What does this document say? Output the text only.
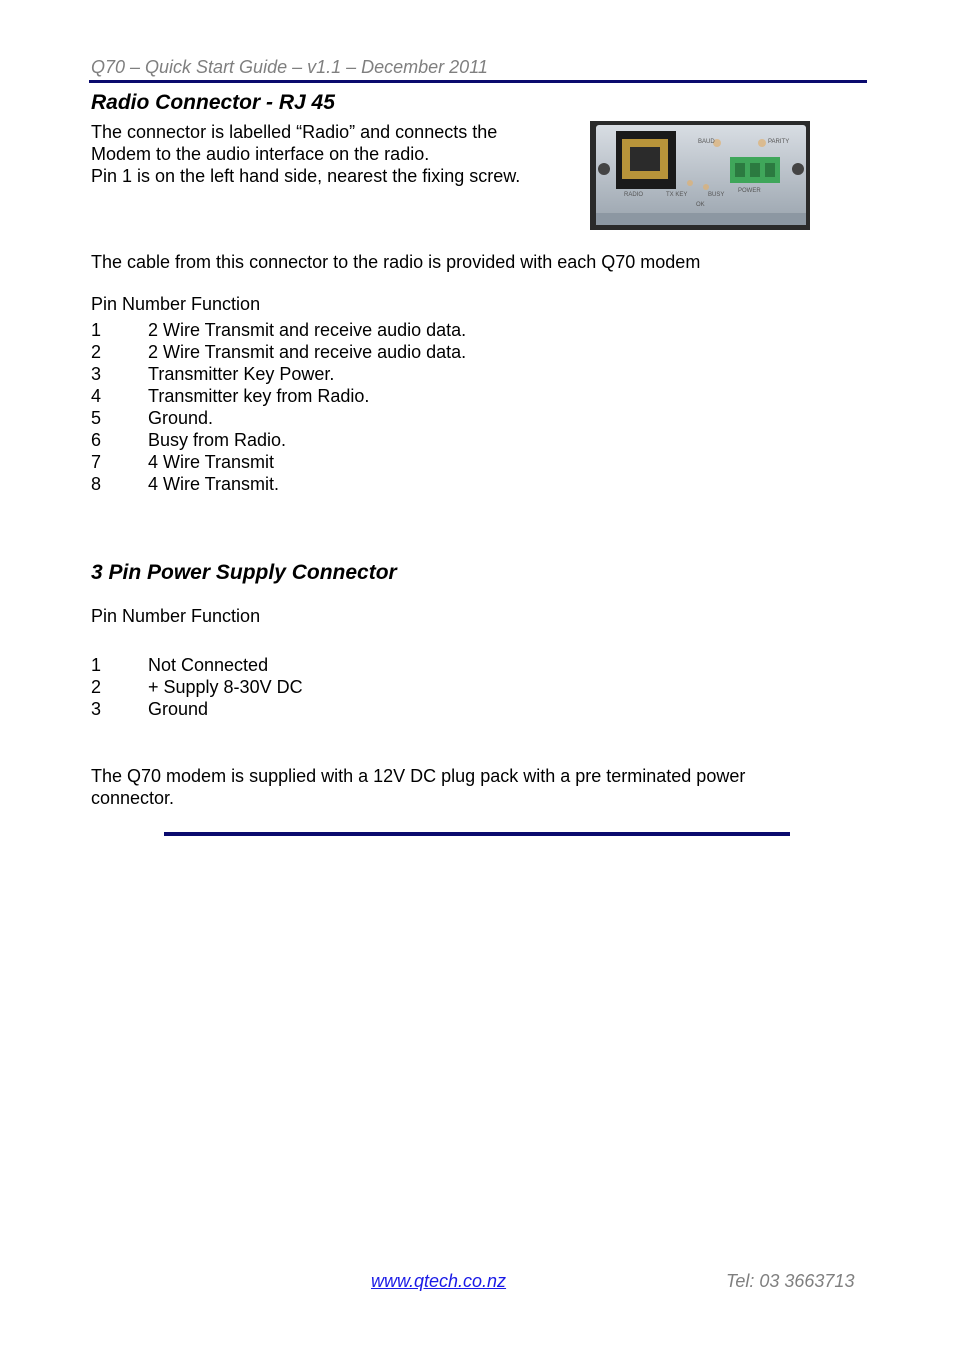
Q70 – Quick Start Guide – v1.1 – December 2011
Radio Connector - RJ 45
The connector is labelled “Radio” and connects the
Modem to the audio interface on the radio.
Pin 1 is on the left hand side, nearest the fixing screw.
BAUD	PARITY
RADIO	TX KEY	BUSY
POWER
OK
The cable from this connector to the radio is provided with each Q70 modem
Pin Number Function
1	2 Wire Transmit and receive audio data.
2	2 Wire Transmit and receive audio data.
3	Transmitter Key Power.
4	Transmitter key from Radio.
5	Ground.
6	Busy from Radio.
7	4 Wire Transmit
8	4 Wire Transmit.
3 Pin Power Supply Connector
Pin Number Function
1	Not Connected
2	+ Supply 8-30V DC
3	Ground
The Q70 modem is supplied with a 12V DC plug pack with a pre terminated power
connector.
www.qtech.co.nz	Tel: 03 3663713
